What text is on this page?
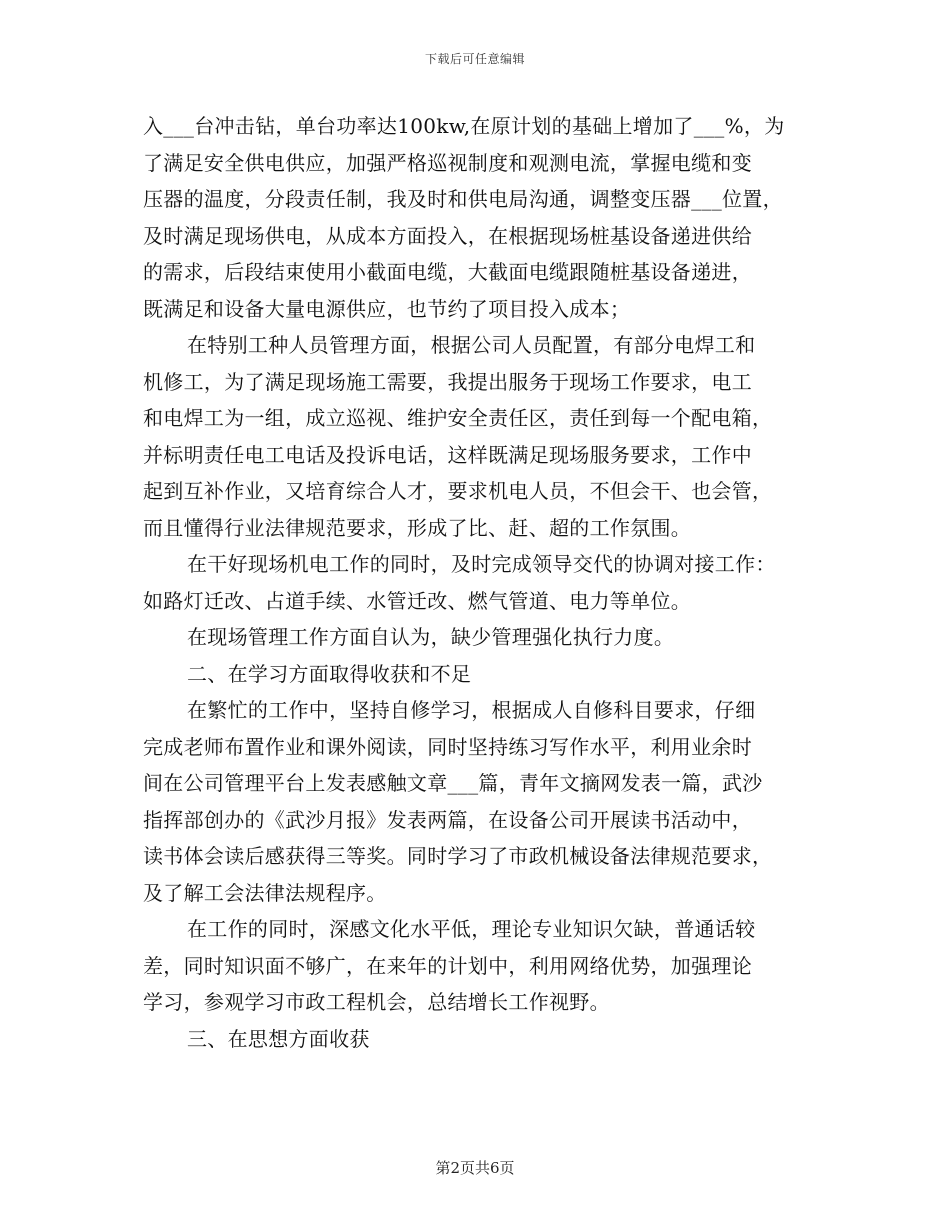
下载后可任意编辑
入___台冲击钻，单台功率达100kw,在原计划的基础上增加了___%，为
了满足安全供电供应，加强严格巡视制度和观测电流，掌握电缆和变
压器的温度，分段责任制，我及时和供电局沟通，调整变压器___位置，
及时满足现场供电，从成本方面投入，在根据现场桩基设备递进供给
的需求，后段结束使用小截面电缆，大截面电缆跟随桩基设备递进，
既满足和设备大量电源供应，也节约了项目投入成本；
在特别工种人员管理方面，根据公司人员配置，有部分电焊工和
机修工，为了满足现场施工需要，我提出服务于现场工作要求，电工
和电焊工为一组，成立巡视、维护安全责任区，责任到每一个配电箱，
并标明责任电工电话及投诉电话，这样既满足现场服务要求，工作中
起到互补作业，又培育综合人才，要求机电人员，不但会干、也会管，
而且懂得行业法律规范要求，形成了比、赶、超的工作氛围。
在干好现场机电工作的同时，及时完成领导交代的协调对接工作：
如路灯迁改、占道手续、水管迁改、燃气管道、电力等单位。
在现场管理工作方面自认为，缺少管理强化执行力度。
二、在学习方面取得收获和不足
在繁忙的工作中，坚持自修学习，根据成人自修科目要求，仔细
完成老师布置作业和课外阅读，同时坚持练习写作水平，利用业余时
间在公司管理平台上发表感触文章___篇，青年文摘网发表一篇，武沙
指挥部创办的《武沙月报》发表两篇，在设备公司开展读书活动中，
读书体会读后感获得三等奖。同时学习了市政机械设备法律规范要求，
及了解工会法律法规程序。
在工作的同时，深感文化水平低，理论专业知识欠缺，普通话较
差，同时知识面不够广，在来年的计划中，利用网络优势，加强理论
学习，参观学习市政工程机会，总结增长工作视野。
三、在思想方面收获
第2页共6页
